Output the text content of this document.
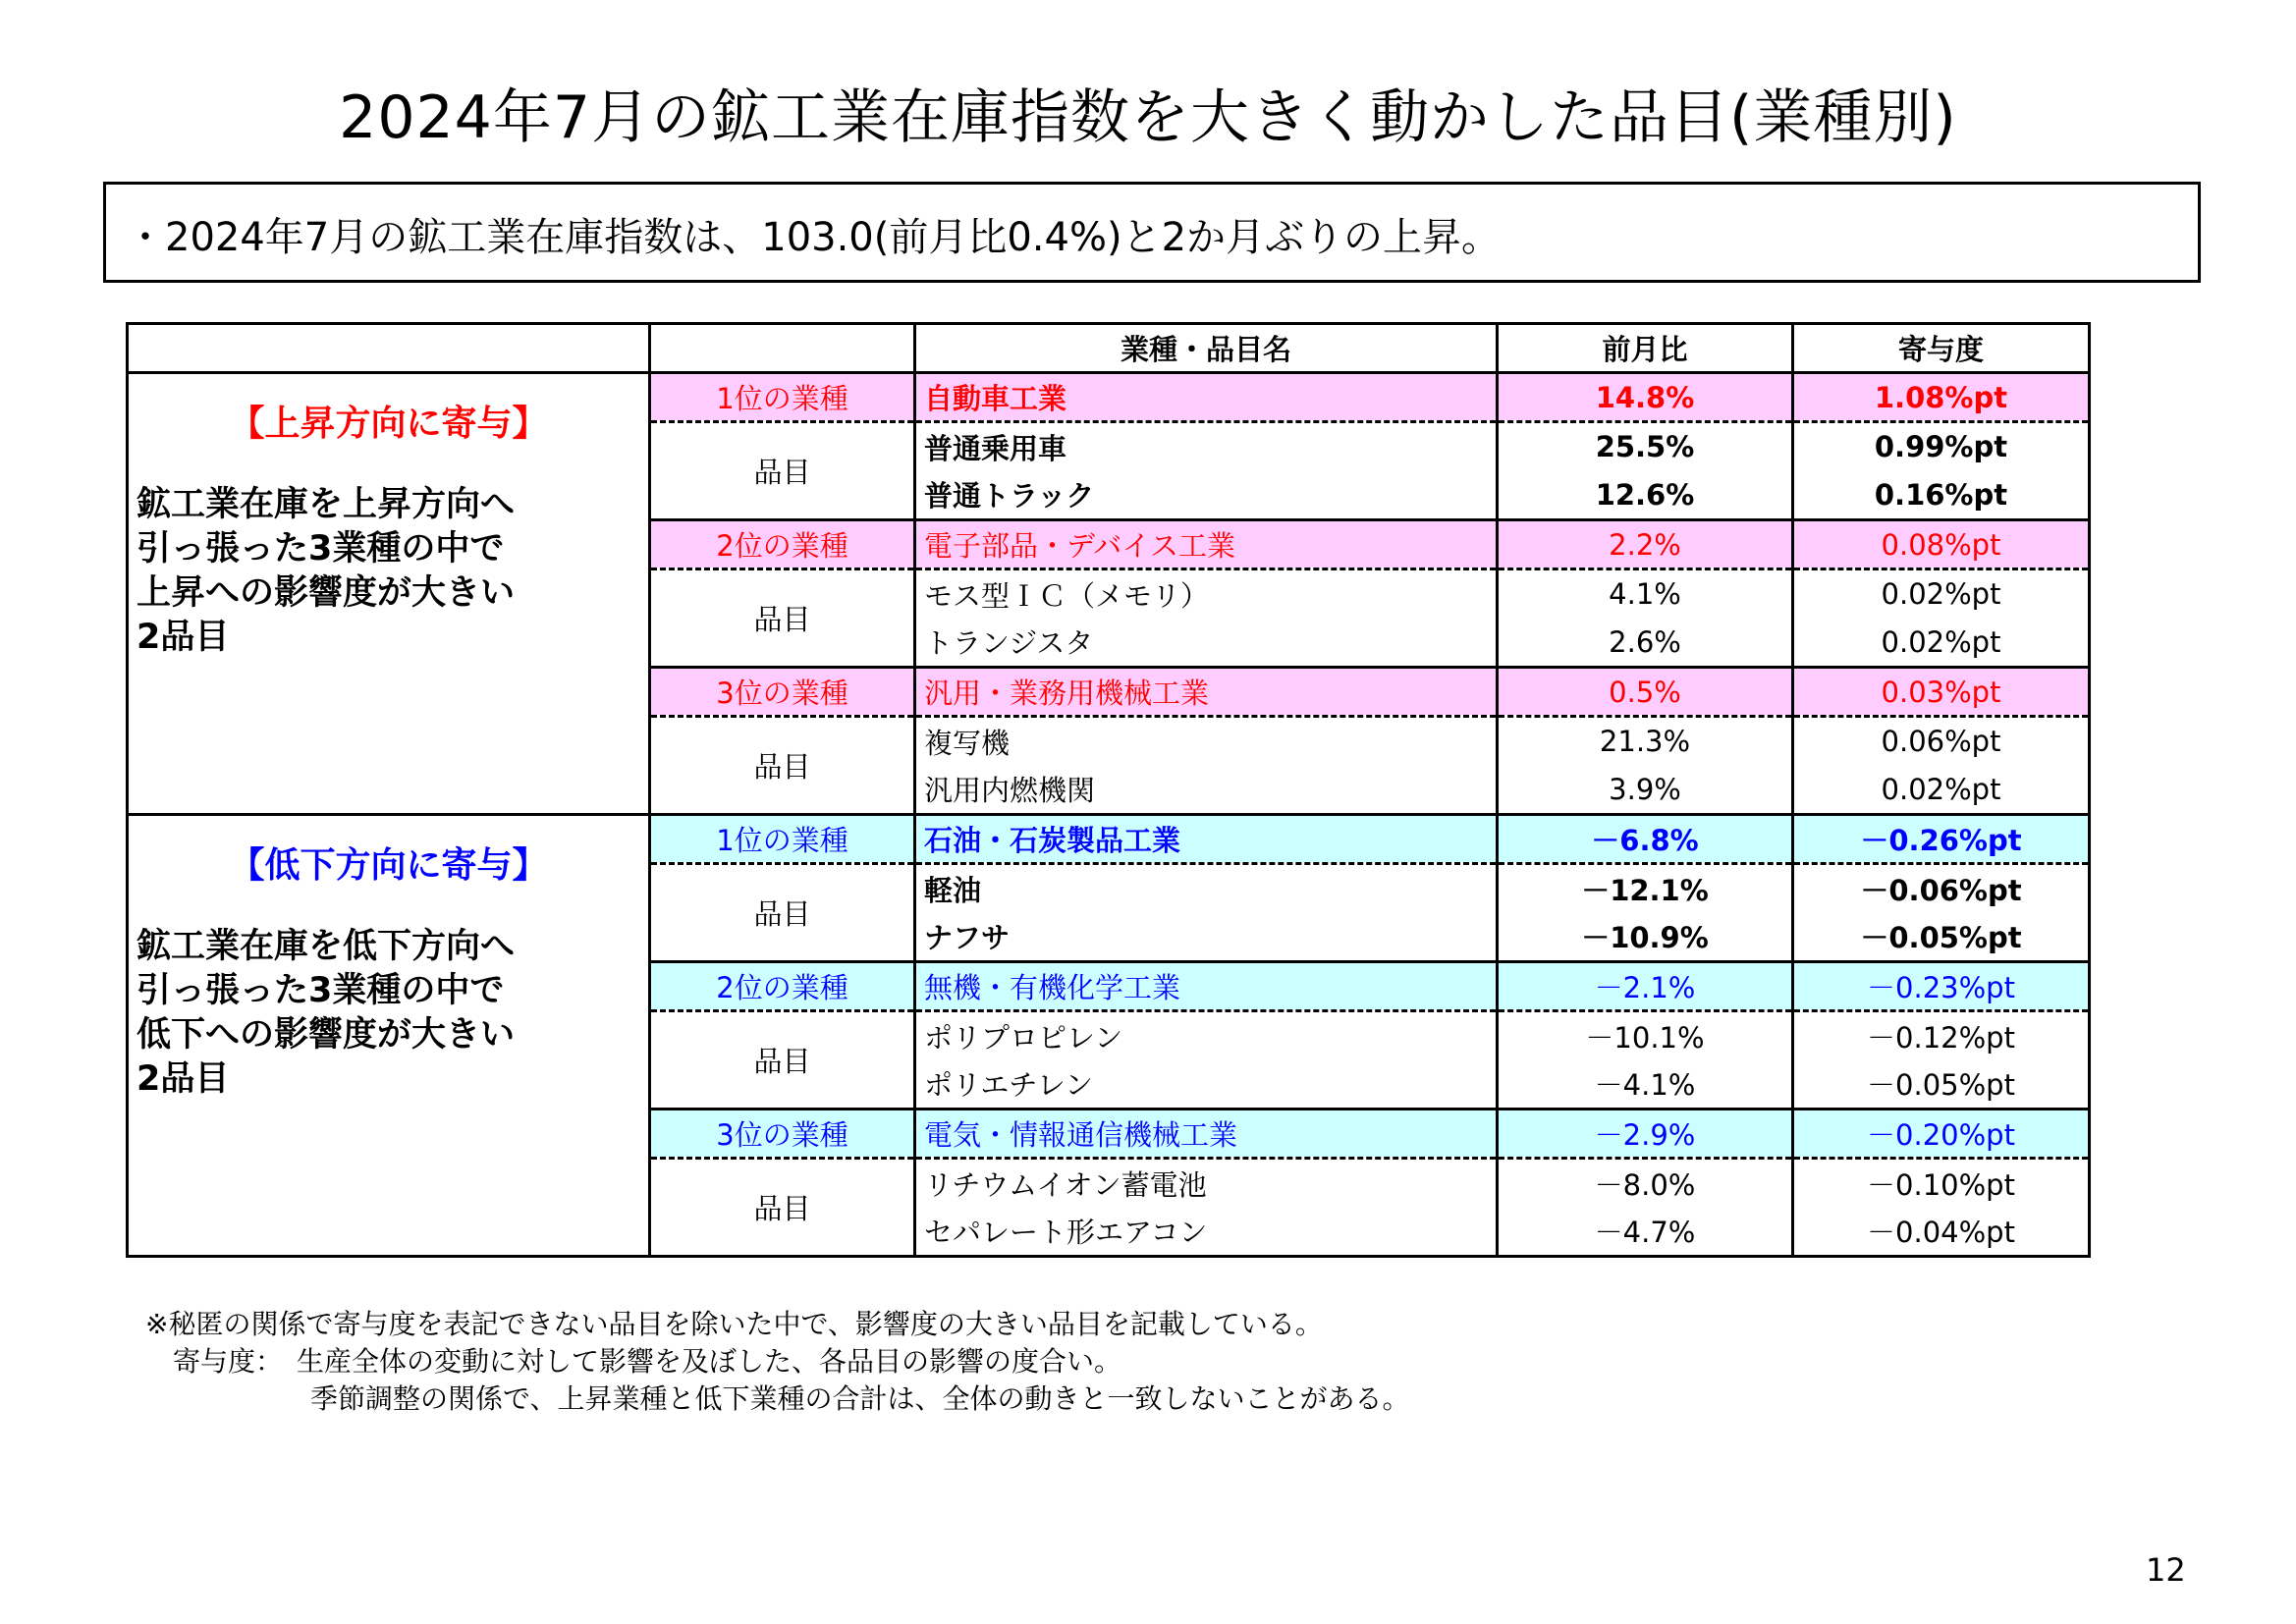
2024年7月の鉱工業在庫指数を大きく動かした品目(業種別)
・2024年7月の鉱工業在庫指数は、103.0(前月比0.4%)と2か月ぶりの上昇。
		業種・品目名	前月比	寄与度

【上昇方向に寄与】
鉱工業在庫を上昇方向へ
引っ張った3業種の中で
上昇への影響度が大きい
2品目	1位の業種	自動車工業	14.8%	1.08%pt
	品目	普通乗用車	25.5%	0.99%pt
		普通トラック	12.6%	0.16%pt
	2位の業種	電子部品・デバイス工業	2.2%	0.08%pt
	品目	モス型ＩＣ（メモリ）	4.1%	0.02%pt
		トランジスタ	2.6%	0.02%pt
	3位の業種	汎用・業務用機械工業	0.5%	0.03%pt
	品目	複写機	21.3%	0.06%pt
		汎用内燃機関	3.9%	0.02%pt

【低下方向に寄与】
鉱工業在庫を低下方向へ
引っ張った3業種の中で
低下への影響度が大きい
2品目	1位の業種	石油・石炭製品工業	－6.8%	－0.26%pt
	品目	軽油	－12.1%	－0.06%pt
		ナフサ	－10.9%	－0.05%pt
	2位の業種	無機・有機化学工業	－2.1%	－0.23%pt
	品目	ポリプロピレン	－10.1%	－0.12%pt
		ポリエチレン	－4.1%	－0.05%pt
	3位の業種	電気・情報通信機械工業	－2.9%	－0.20%pt
	品目	リチウムイオン蓄電池	－8.0%	－0.10%pt
		セパレート形エアコン	－4.7%	－0.04%pt
※秘匿の関係で寄与度を表記できない品目を除いた中で、影響度の大きい品目を記載している。
　寄与度：　生産全体の変動に対して影響を及ぼした、各品目の影響の度合い。
　　　　　　季節調整の関係で、上昇業種と低下業種の合計は、全体の動きと一致しないことがある。
12
